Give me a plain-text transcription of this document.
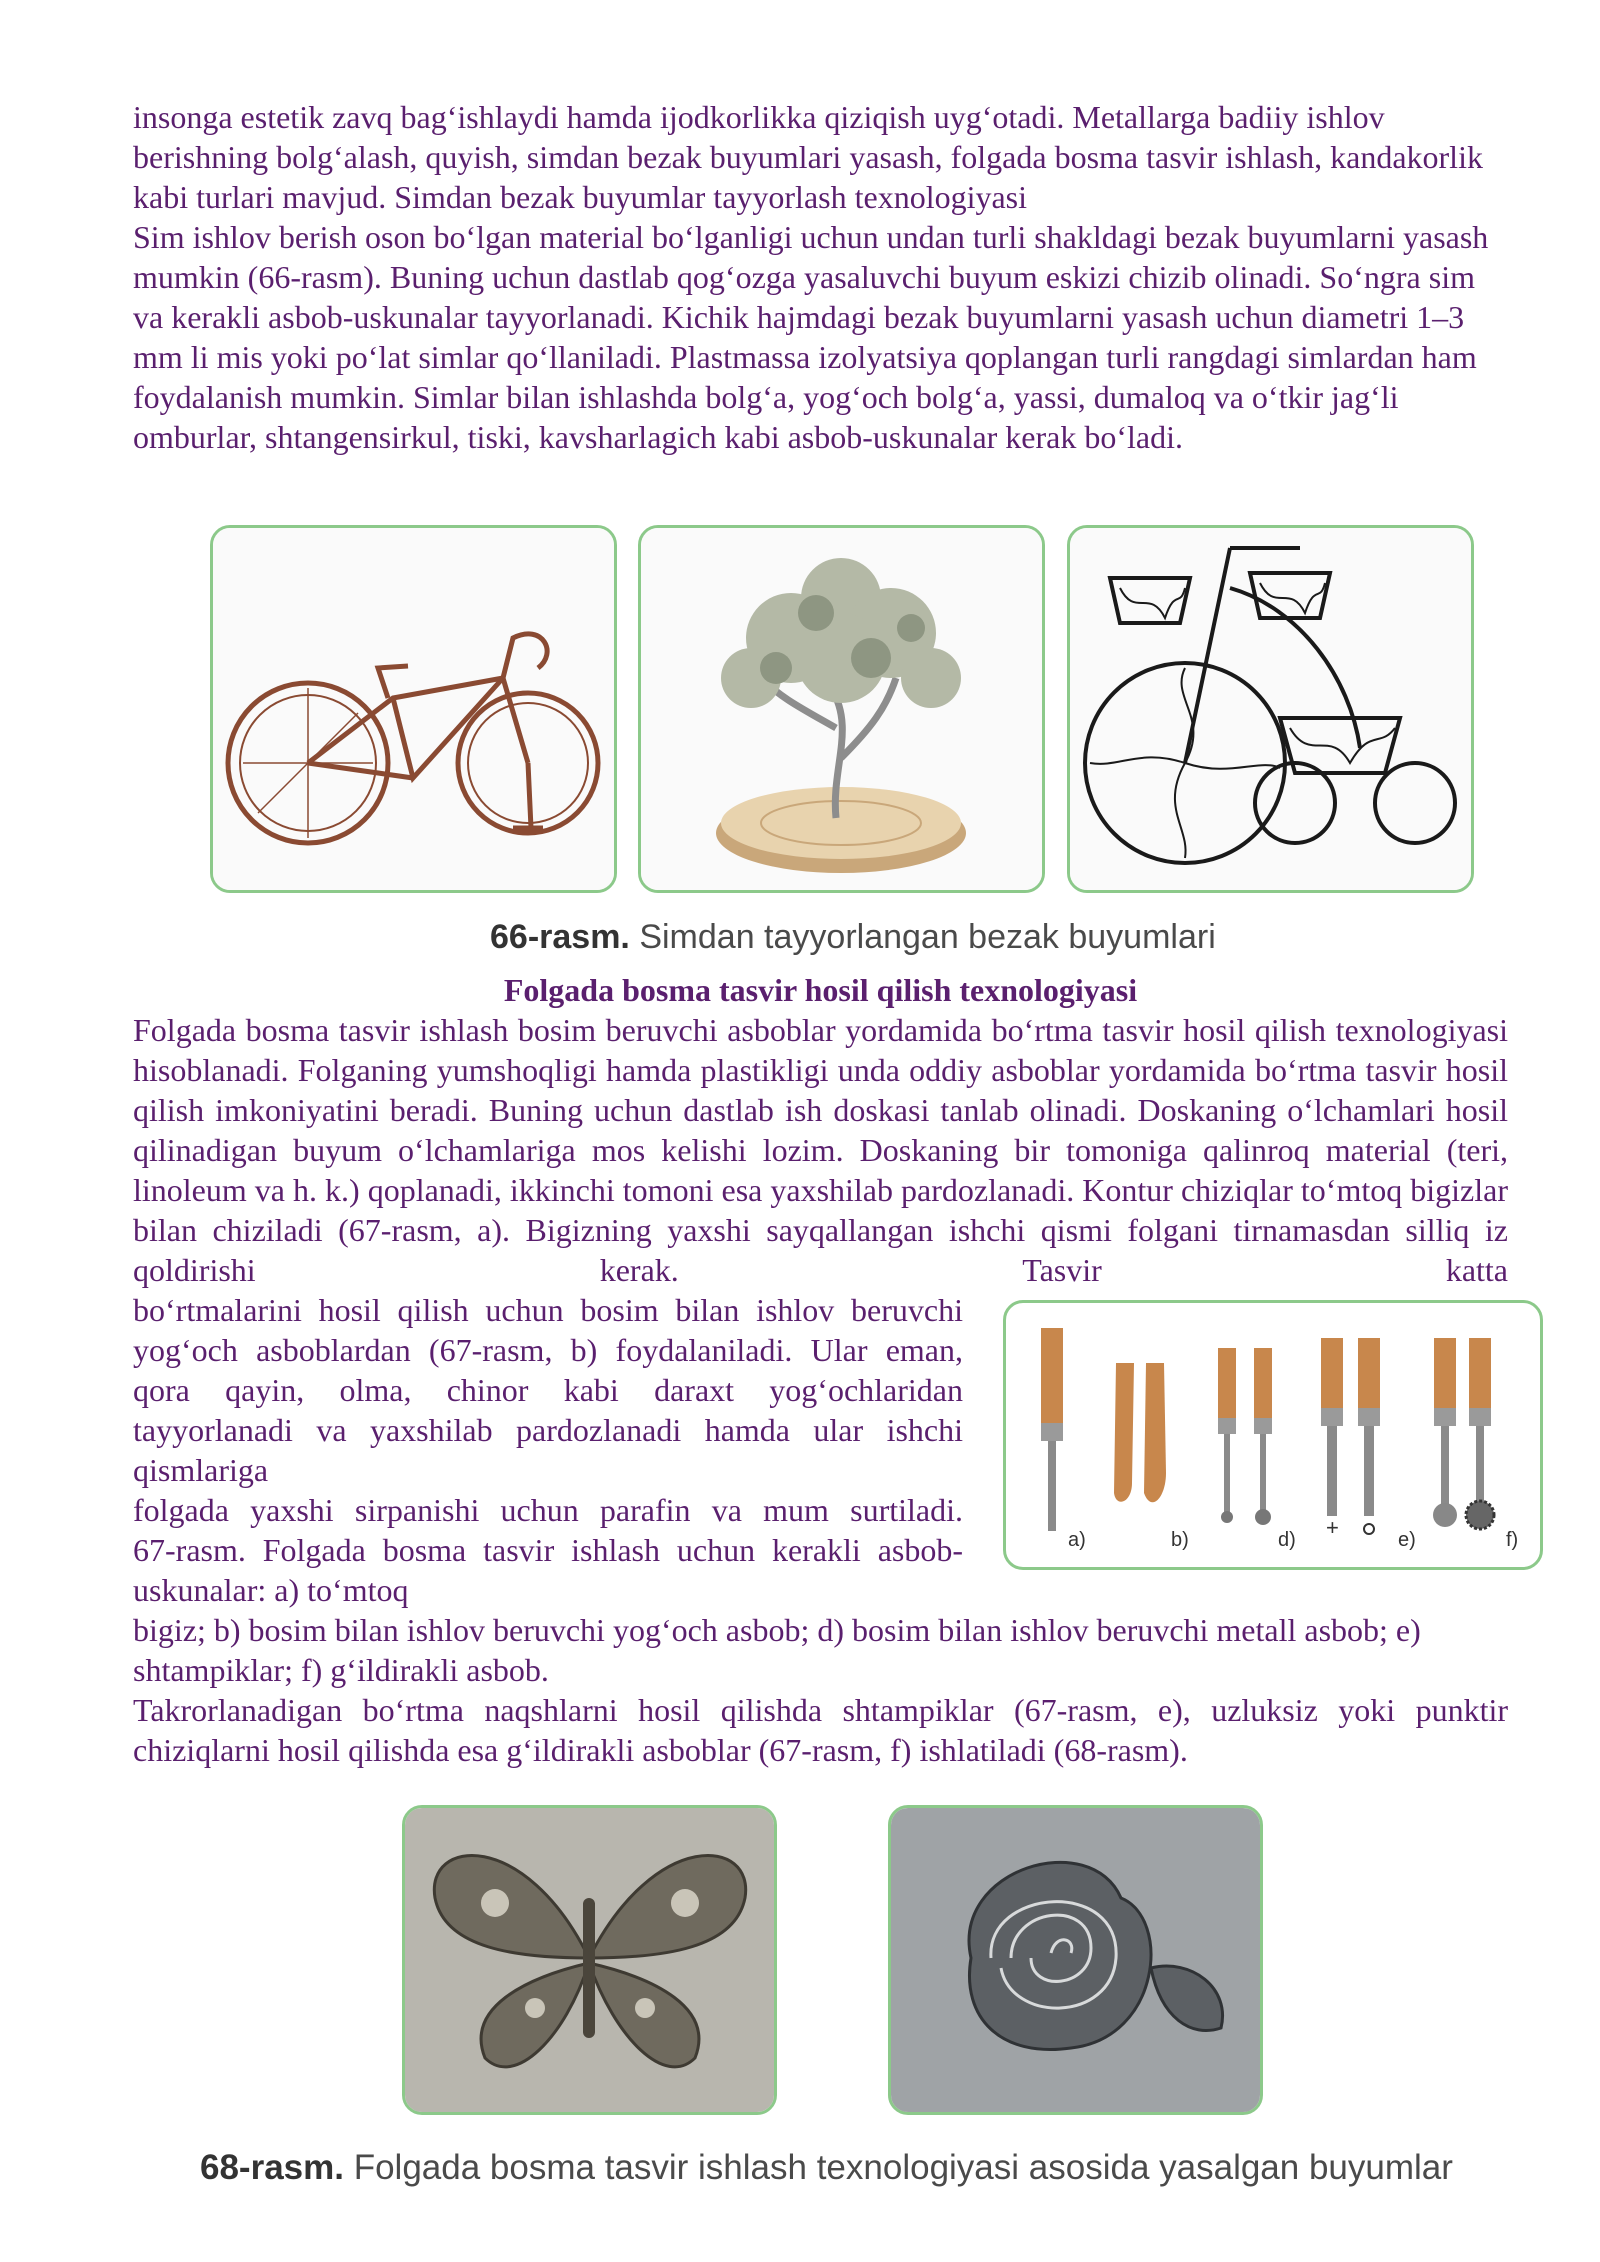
insonga estetik zavq bag‘ishlaydi hamda ijodkorlikka qiziqish uyg‘otadi. Metallarga badiiy ishlov berishning bolg‘alash, quyish, simdan bezak buyumlari yasash, folgada bosma tasvir ishlash, kandakorlik kabi turlari mavjud. Simdan bezak buyumlar tayyorlash texnologiyasi

Sim ishlov berish oson bo‘lgan material bo‘lganligi uchun undan turli shakldagi bezak buyumlarni yasash mumkin (66-rasm). Buning uchun dastlab qog‘ozga yasaluvchi buyum eskizi chizib olinadi. So‘ngra sim va kerakli asbob-uskunalar tayyorlanadi. Kichik hajmdagi bezak buyumlarni yasash uchun diametri 1–3 mm li mis yoki po‘lat simlar qo‘llaniladi. Plastmassa izolyatsiya qoplangan turli rangdagi simlardan ham foydalanish mumkin. Simlar bilan ishlashda bolg‘a, yog‘och bolg‘a, yassi, dumaloq va o‘tkir jag‘li omburlar, shtangensirkul, tiski, kavsharlagich kabi asbob-uskunalar kerak bo‘ladi.

66-rasm. Simdan tayyorlangan bezak buyumlari
Folgada bosma tasvir hosil qilish texnologiyasi
Folgada bosma tasvir ishlash bosim beruvchi asboblar yordamida bo‘rtma tasvir hosil qilish texnologiyasi hisoblanadi. Folganing yumshoqligi hamda plastikligi unda oddiy asboblar yordamida bo‘rtma tasvir hosil qilish imkoniyatini beradi. Buning uchun dastlab ish doskasi tanlab olinadi. Doskaning o‘lchamlari hosil qilinadigan buyum o‘lchamlariga mos kelishi lozim. Doskaning bir tomoniga qalinroq material (teri, linoleum va h. k.) qoplanadi, ikkinchi tomoni esa yaxshilab pardozlanadi. Kontur chiziqlar to‘mtoq bigizlar bilan chiziladi (67-rasm, a). Bigizning yaxshi sayqallangan ishchi qismi folgani tirnamasdan silliq iz qoldirishi kerak. Tasvir katta
bo‘rtmalarini hosil qilish uchun bosim bilan ishlov beruvchi
yog‘och asboblardan (67-rasm, b) foydalaniladi. Ular eman,
qora qayin, olma, chinor kabi daraxt yog‘ochlaridan
tayyorlanadi va yaxshilab pardozlanadi hamda ular ishchi
qismlariga
folgada yaxshi sirpanishi uchun parafin va mum surtiladi.
67-rasm. Folgada bosma tasvir ishlash uchun kerakli asbob-
uskunalar: a) to‘mtoq
+
a)	b)	d)	e)	f)
bigiz; b) bosim bilan ishlov beruvchi yog‘och asbob; d) bosim bilan ishlov beruvchi metall asbob; e) shtampiklar; f) g‘ildirakli asbob.
Takrorlanadigan bo‘rtma naqshlarni hosil qilishda shtampiklar (67-rasm, e), uzluksiz yoki punktir chiziqlarni hosil qilishda esa g‘ildirakli asboblar (67-rasm, f) ishlatiladi (68-rasm).
68-rasm. Folgada bosma tasvir ishlash texnologiyasi asosida yasalgan buyumlar
